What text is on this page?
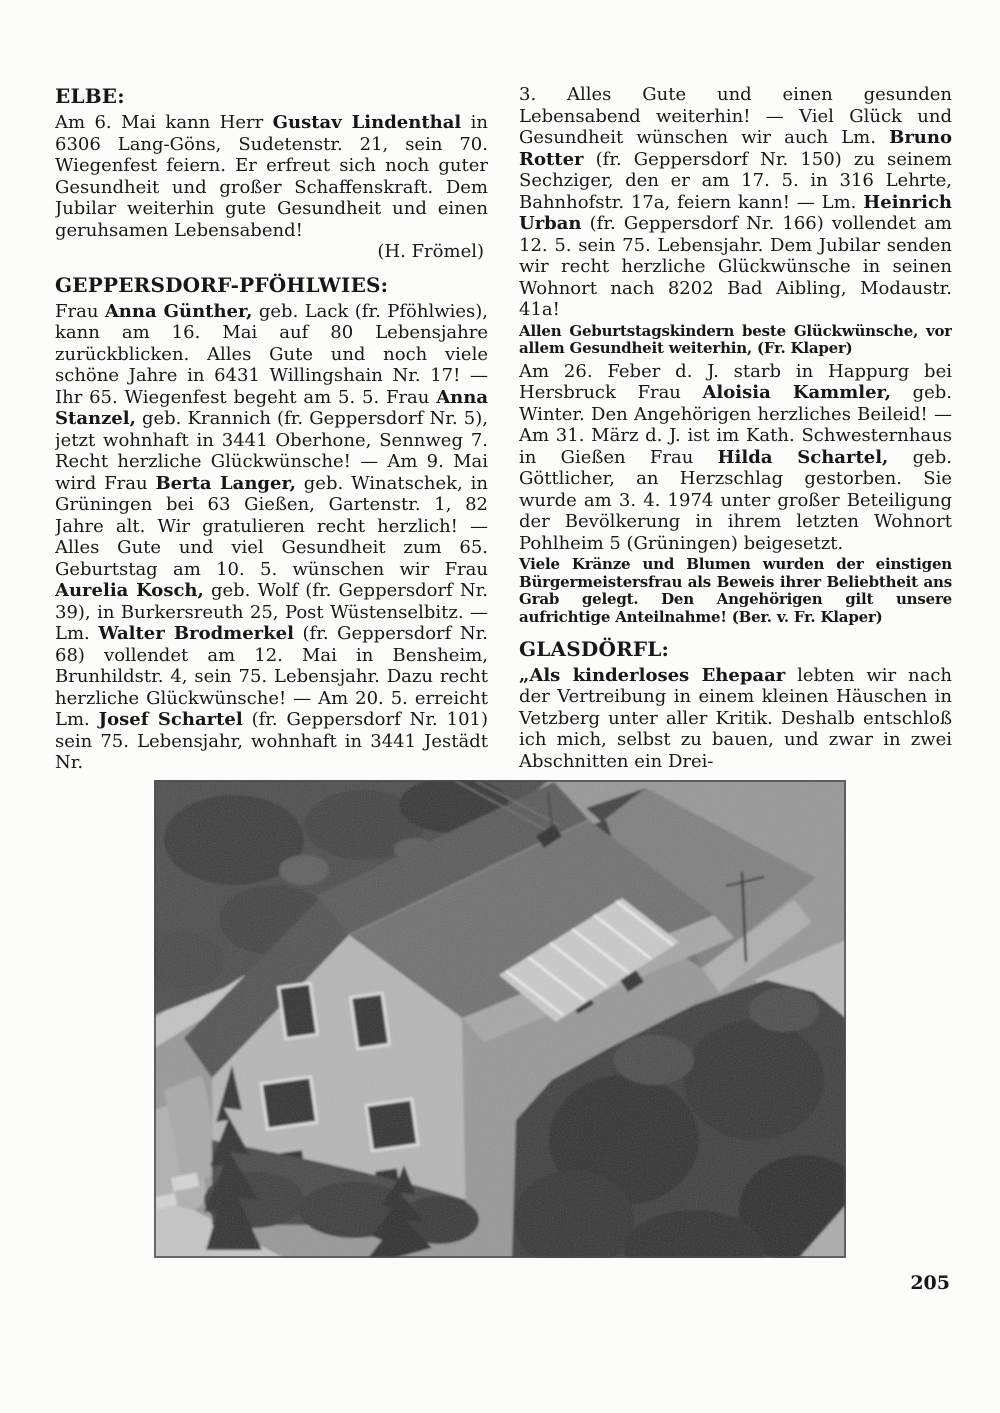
ELBE:

Am 6. Mai kann Herr Gustav Lindenthal in 6306 Lang-Göns, Sudetenstr. 21, sein 70. Wiegenfest feiern. Er erfreut sich noch guter Gesundheit und großer Schaffenskraft. Dem Jubilar weiterhin gute Gesundheit und einen geruhsamen Lebensabend!

(H. Frömel)

GEPPERSDORF-PFÖHLWIES:

Frau Anna Günther, geb. Lack (fr. Pföhlwies), kann am 16. Mai auf 80 Lebensjahre zurückblicken. Alles Gute und noch viele schöne Jahre in 6431 Willingshain Nr. 17! — Ihr 65. Wiegenfest begeht am 5. 5. Frau Anna Stanzel, geb. Krannich (fr. Geppersdorf Nr. 5), jetzt wohnhaft in 3441 Oberhone, Sennweg 7. Recht herzliche Glückwünsche! — Am 9. Mai wird Frau Berta Langer, geb. Winatschek, in Grüningen bei 63 Gießen, Gartenstr. 1, 82 Jahre alt. Wir gratulieren recht herzlich! — Alles Gute und viel Gesundheit zum 65. Geburtstag am 10. 5. wünschen wir Frau Aurelia Kosch, geb. Wolf (fr. Geppersdorf Nr. 39), in Burkersreuth 25, Post Wüstenselbitz. — Lm. Walter Brodmerkel (fr. Geppersdorf Nr. 68) vollendet am 12. Mai in Bensheim, Brunhildstr. 4, sein 75. Lebensjahr. Dazu recht herzliche Glückwünsche! — Am 20. 5. erreicht Lm. Josef Schartel (fr. Geppersdorf Nr. 101) sein 75. Lebensjahr, wohnhaft in 3441 Jestädt Nr.

3. Alles Gute und einen gesunden Lebensabend weiterhin! — Viel Glück und Gesundheit wünschen wir auch Lm. Bruno Rotter (fr. Geppersdorf Nr. 150) zu seinem Sechziger, den er am 17. 5. in 316 Lehrte, Bahnhofstr. 17a, feiern kann! — Lm. Heinrich Urban (fr. Geppersdorf Nr. 166) vollendet am 12. 5. sein 75. Lebensjahr. Dem Jubilar senden wir recht herzliche Glückwünsche in seinen Wohnort nach 8202 Bad Aibling, Modaustr. 41a!

Allen Geburtstagskindern beste Glückwünsche, vor allem Gesundheit weiterhin, (Fr. Klaper)

Am 26. Feber d. J. starb in Happurg bei Hersbruck Frau Aloisia Kammler, geb. Winter. Den Angehörigen herzliches Beileid! — Am 31. März d. J. ist im Kath. Schwesternhaus in Gießen Frau Hilda Schartel, geb. Göttlicher, an Herzschlag gestorben. Sie wurde am 3. 4. 1974 unter großer Beteiligung der Bevölkerung in ihrem letzten Wohnort Pohlheim 5 (Grüningen) beigesetzt.

Viele Kränze und Blumen wurden der einstigen Bürgermeistersfrau als Beweis ihrer Beliebtheit ans Grab gelegt. Den Angehörigen gilt unsere aufrichtige Anteilnahme! (Ber. v. Fr. Klaper)

GLASDÖRFL:

„Als kinderloses Ehepaar lebten wir nach der Vertreibung in einem kleinen Häuschen in Vetzberg unter aller Kritik. Deshalb entschloß ich mich, selbst zu bauen, und zwar in zwei Abschnitten ein Drei-

205
